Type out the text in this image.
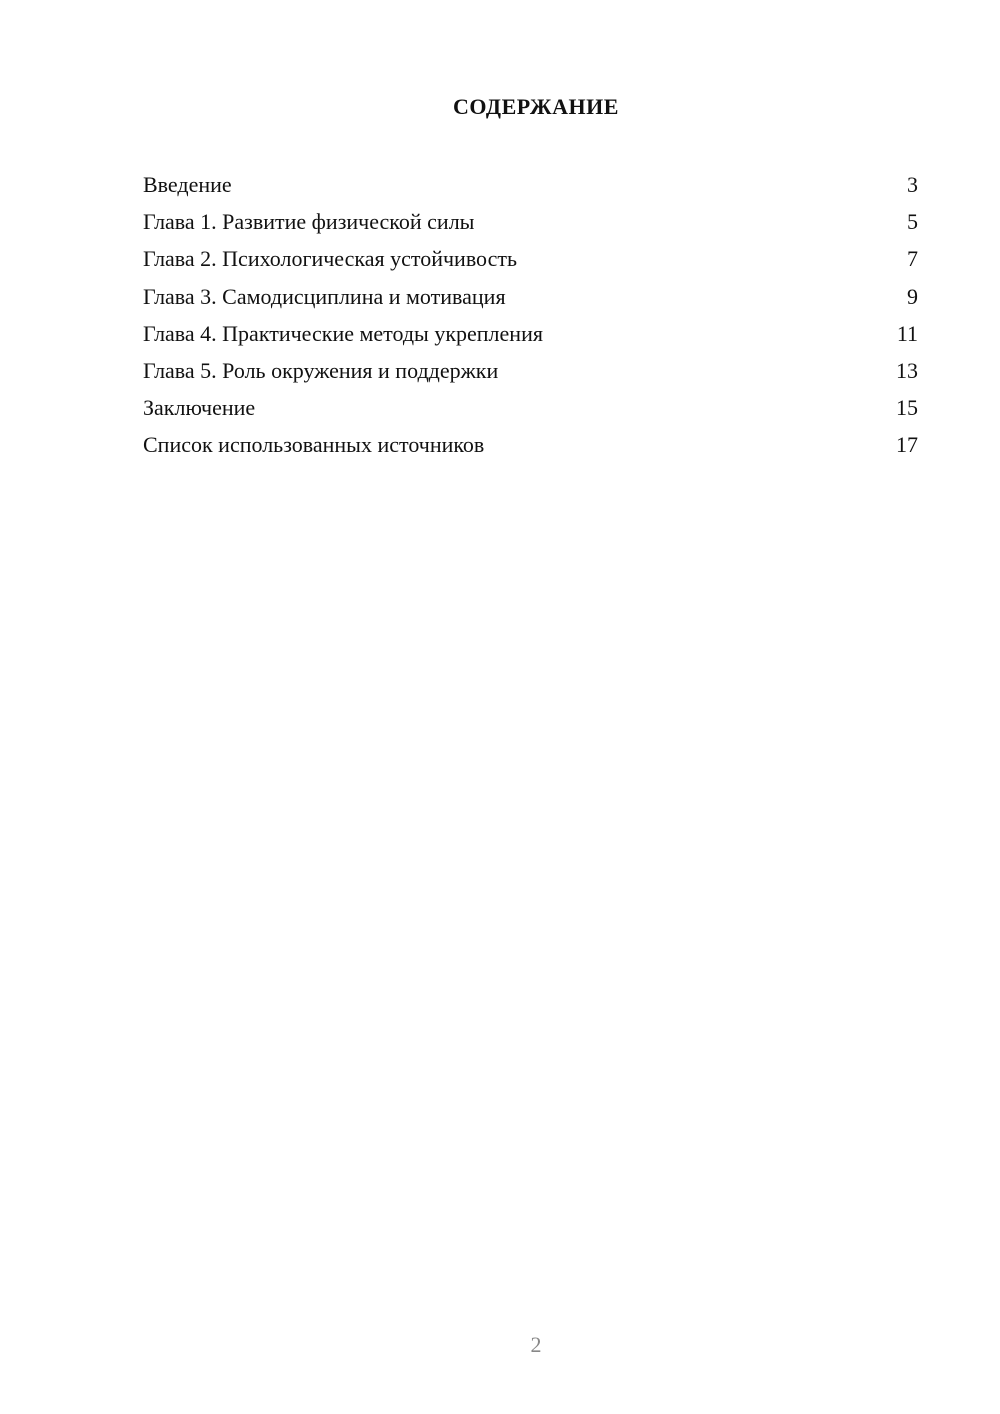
СОДЕРЖАНИЕ
Введение	3
Глава 1. Развитие физической силы	5
Глава 2. Психологическая устойчивость	7
Глава 3. Самодисциплина и мотивация	9
Глава 4. Практические методы укрепления	11
Глава 5. Роль окружения и поддержки	13
Заключение	15
Список использованных источников	17
2
